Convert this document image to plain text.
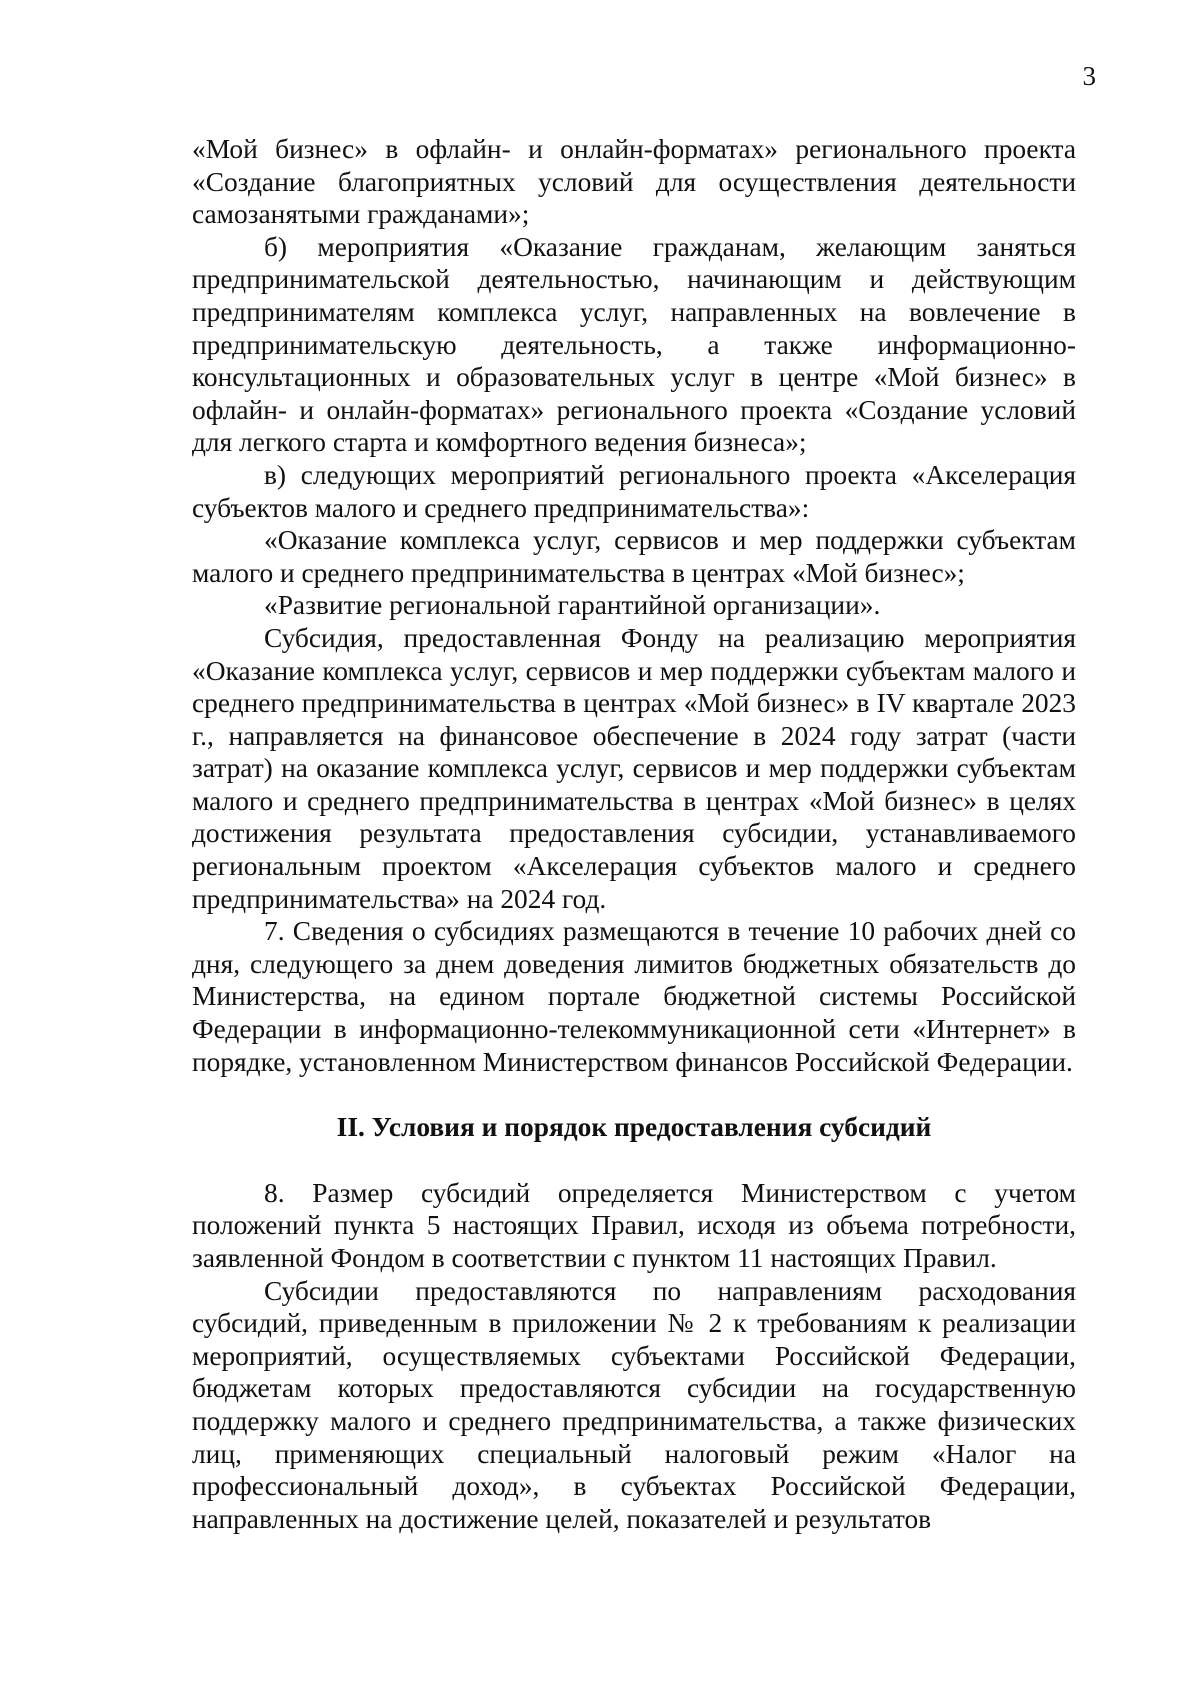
3

«Мой бизнес» в офлайн- и онлайн-форматах» регионального проекта «Создание благоприятных условий для осуществления деятельности самозанятыми гражданами»;

б) мероприятия «Оказание гражданам, желающим заняться предпринимательской деятельностью, начинающим и действующим предпринимателям комплекса услуг, направленных на вовлечение в предпринимательскую деятельность, а также информационно-консультационных и образовательных услуг в центре «Мой бизнес» в офлайн- и онлайн-форматах» регионального проекта «Создание условий для легкого старта и комфортного ведения бизнеса»;

в) следующих мероприятий регионального проекта «Акселерация субъектов малого и среднего предпринимательства»:

«Оказание комплекса услуг, сервисов и мер поддержки субъектам малого и среднего предпринимательства в центрах «Мой бизнес»;

«Развитие региональной гарантийной организации».

Субсидия, предоставленная Фонду на реализацию мероприятия «Оказание комплекса услуг, сервисов и мер поддержки субъектам малого и среднего предпринимательства в центрах «Мой бизнес» в IV квартале 2023 г., направляется на финансовое обеспечение в 2024 году затрат (части затрат) на оказание комплекса услуг, сервисов и мер поддержки субъектам малого и среднего предпринимательства в центрах «Мой бизнес» в целях достижения результата предоставления субсидии, устанавливаемого региональным проектом «Акселерация субъектов малого и среднего предпринимательства» на 2024 год.

7. Сведения о субсидиях размещаются в течение 10 рабочих дней со дня, следующего за днем доведения лимитов бюджетных обязательств до Министерства, на едином портале бюджетной системы Российской Федерации в информационно-телекоммуникационной сети «Интернет» в порядке, установленном Министерством финансов Российской Федерации.

II. Условия и порядок предоставления субсидий

8. Размер субсидий определяется Министерством с учетом положений пункта 5 настоящих Правил, исходя из объема потребности, заявленной Фондом в соответствии с пунктом 11 настоящих Правил.

Субсидии предоставляются по направлениям расходования субсидий, приведенным в приложении № 2 к требованиям к реализации мероприятий, осуществляемых субъектами Российской Федерации, бюджетам которых предоставляются субсидии на государственную поддержку малого и среднего предпринимательства, а также физических лиц, применяющих специальный налоговый режим «Налог на профессиональный доход», в субъектах Российской Федерации, направленных на достижение целей, показателей и результатов
